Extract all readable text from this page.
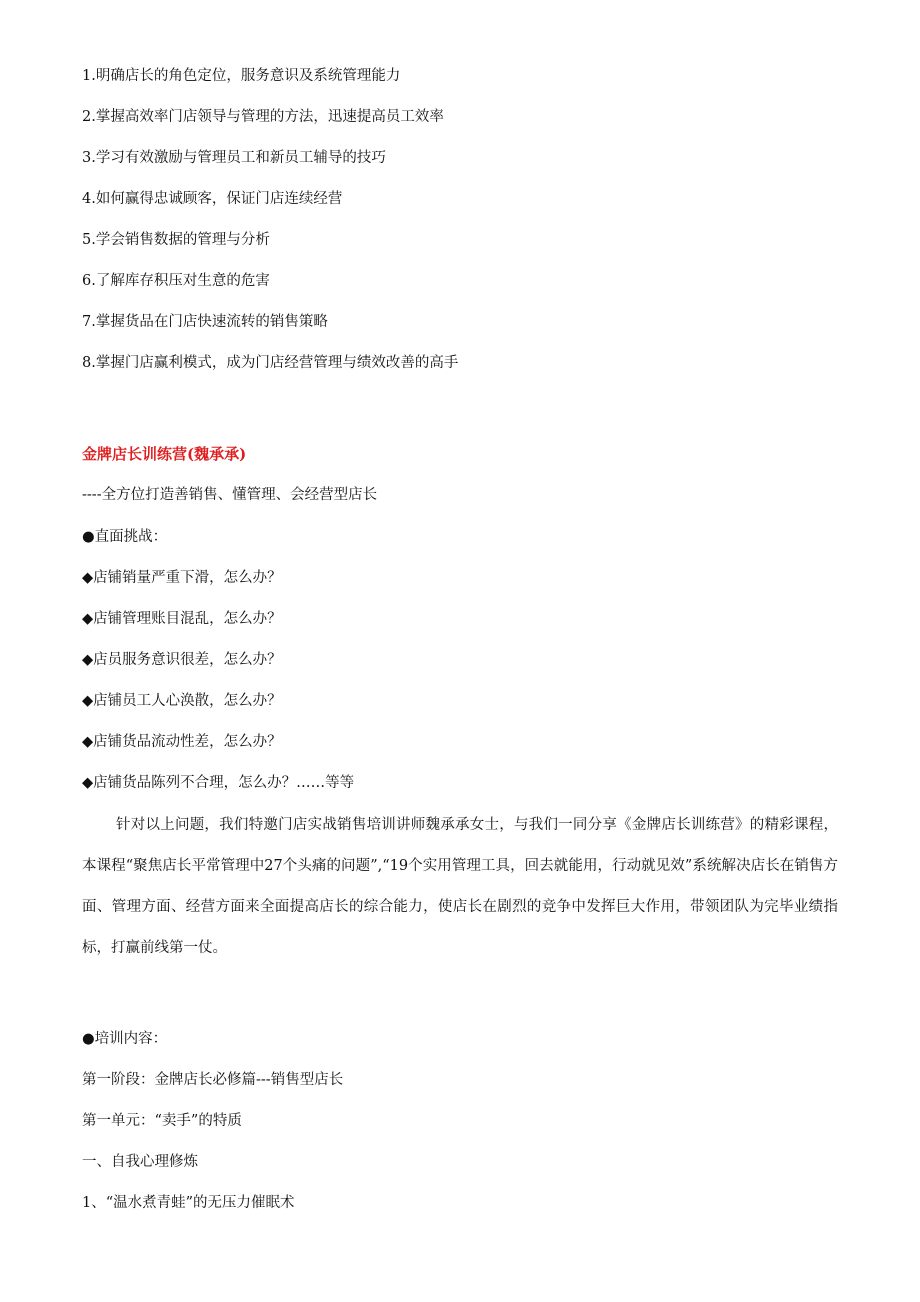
1.明确店长的角色定位，服务意识及系统管理能力
2.掌握高效率门店领导与管理的方法，迅速提高员工效率
3.学习有效激励与管理员工和新员工辅导的技巧
4.如何赢得忠诚顾客，保证门店连续经营
5.学会销售数据的管理与分析
6.了解库存积压对生意的危害
7.掌握货品在门店快速流转的销售策略
8.掌握门店赢利模式，成为门店经营管理与绩效改善的高手
金牌店长训练营(魏承承)
----全方位打造善销售、懂管理、会经营型店长
●直面挑战：
◆店铺销量严重下滑，怎么办？
◆店铺管理账目混乱，怎么办？
◆店员服务意识很差，怎么办？
◆店铺员工人心涣散，怎么办？
◆店铺货品流动性差，怎么办？
◆店铺货品陈列不合理，怎么办？……等等
针对以上问题，我们特邀门店实战销售培训讲师魏承承女士，与我们一同分享《金牌店长训练营》的精彩课程，本课程“聚焦店长平常管理中27个头痛的问题”,“19个实用管理工具，回去就能用，行动就见效”系统解决店长在销售方面、管理方面、经营方面来全面提高店长的综合能力，使店长在剧烈的竞争中发挥巨大作用，带领团队为完毕业绩指标，打赢前线第一仗。
●培训内容：
第一阶段：金牌店长必修篇---销售型店长
第一单元：“卖手”的特质
一、自我心理修炼
1、“温水煮青蛙”的无压力催眠术
